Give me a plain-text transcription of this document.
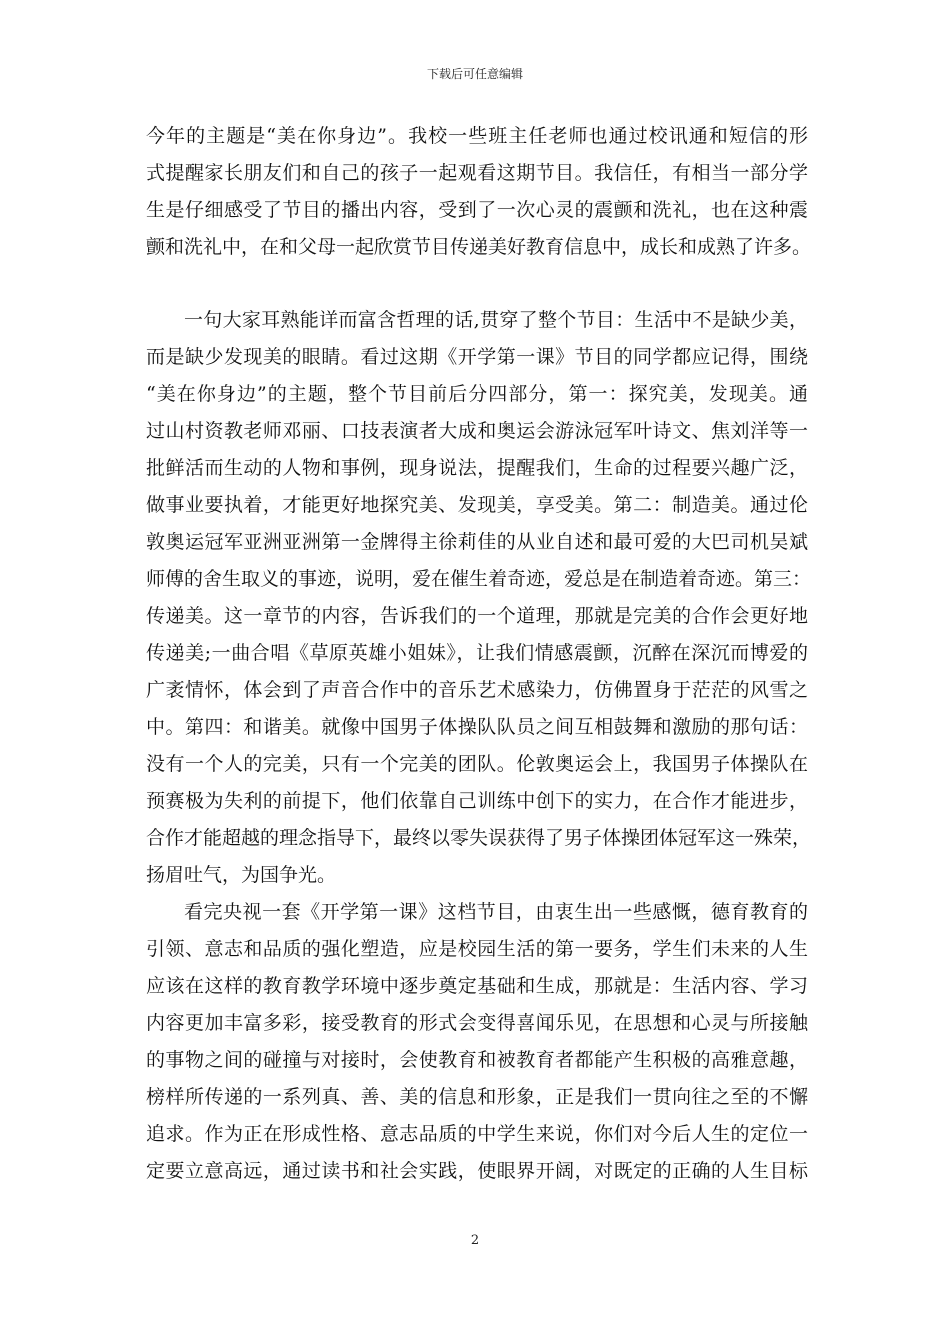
下载后可任意编辑
今年的主题是“美在你身边”。我校一些班主任老师也通过校讯通和短信的形
式提醒家长朋友们和自己的孩子一起观看这期节目。我信任，有相当一部分学
生是仔细感受了节目的播出内容，受到了一次心灵的震颤和洗礼，也在这种震
颤和洗礼中，在和父母一起欣赏节目传递美好教育信息中，成长和成熟了许多。
一句大家耳熟能详而富含哲理的话,贯穿了整个节目：生活中不是缺少美，
而是缺少发现美的眼睛。看过这期《开学第一课》节目的同学都应记得，围绕
“美在你身边”的主题，整个节目前后分四部分，第一：探究美，发现美。通
过山村资教老师邓丽、口技表演者大成和奥运会游泳冠军叶诗文、焦刘洋等一
批鲜活而生动的人物和事例，现身说法，提醒我们，生命的过程要兴趣广泛，
做事业要执着，才能更好地探究美、发现美，享受美。第二：制造美。通过伦
敦奥运冠军亚洲亚洲第一金牌得主徐莉佳的从业自述和最可爱的大巴司机吴斌
师傅的舍生取义的事迹，说明，爱在催生着奇迹，爱总是在制造着奇迹。第三：
传递美。这一章节的内容，告诉我们的一个道理，那就是完美的合作会更好地
传递美;一曲合唱《草原英雄小姐妹》，让我们情感震颤，沉醉在深沉而博爱的
广袤情怀，体会到了声音合作中的音乐艺术感染力，仿佛置身于茫茫的风雪之
中。第四：和谐美。就像中国男子体操队队员之间互相鼓舞和激励的那句话：
没有一个人的完美，只有一个完美的团队。伦敦奥运会上，我国男子体操队在
预赛极为失利的前提下，他们依靠自己训练中创下的实力，在合作才能进步，
合作才能超越的理念指导下，最终以零失误获得了男子体操团体冠军这一殊荣，
扬眉吐气，为国争光。
看完央视一套《开学第一课》这档节目，由衷生出一些感慨，德育教育的
引领、意志和品质的强化塑造，应是校园生活的第一要务，学生们未来的人生
应该在这样的教育教学环境中逐步奠定基础和生成，那就是：生活内容、学习
内容更加丰富多彩，接受教育的形式会变得喜闻乐见，在思想和心灵与所接触
的事物之间的碰撞与对接时，会使教育和被教育者都能产生积极的高雅意趣，
榜样所传递的一系列真、善、美的信息和形象，正是我们一贯向往之至的不懈
追求。作为正在形成性格、意志品质的中学生来说，你们对今后人生的定位一
定要立意高远，通过读书和社会实践，使眼界开阔，对既定的正确的人生目标
2
